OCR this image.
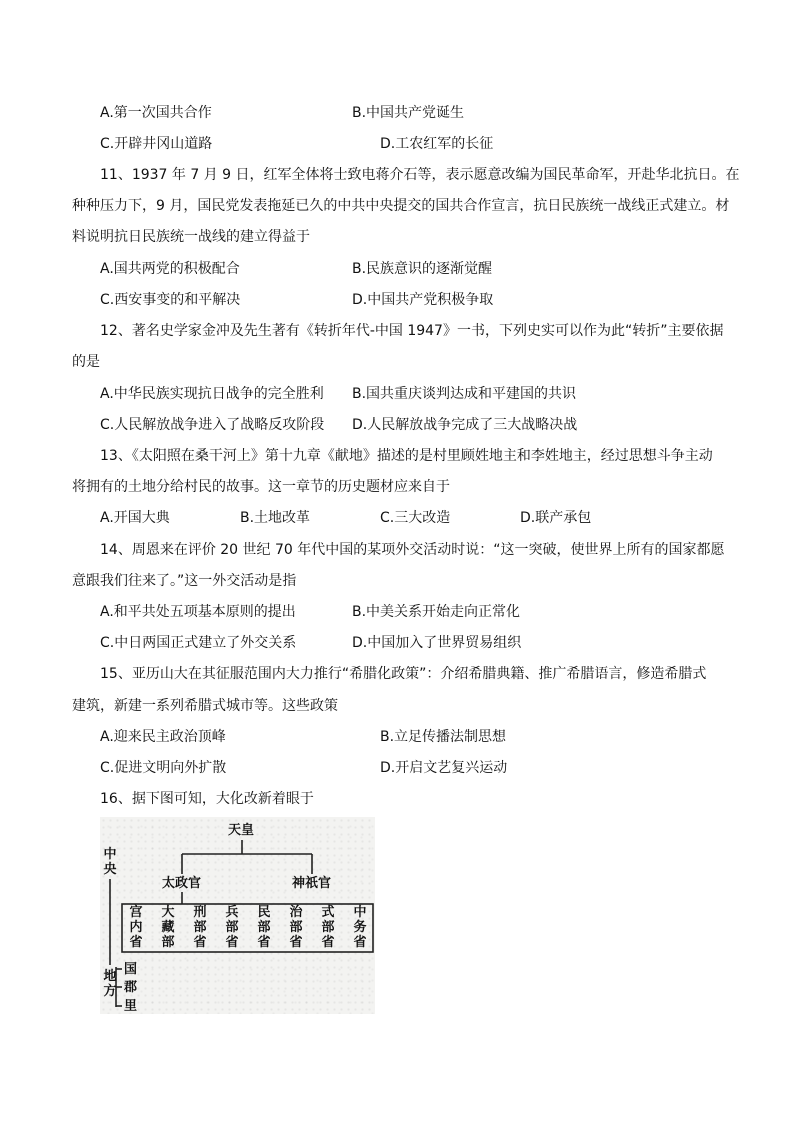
A.第一次国共合作	B.中国共产党诞生
C.开辟井冈山道路	D.工农红军的长征
11、1937 年 7 月 9 日，红军全体将士致电蒋介石等，表示愿意改编为国民革命军，开赴华北抗日。在
种种压力下，9 月，国民党发表拖延已久的中共中央提交的国共合作宣言，抗日民族统一战线正式建立。材
料说明抗日民族统一战线的建立得益于
A.国共两党的积极配合	B.民族意识的逐渐觉醒
C.西安事变的和平解决	D.中国共产党积极争取
12、著名史学家金冲及先生著有《转折年代-中国 1947》一书，下列史实可以作为此“转折”主要依据
的是
A.中华民族实现抗日战争的完全胜利 B.国共重庆谈判达成和平建国的共识
C.人民解放战争进入了战略反攻阶段 D.人民解放战争完成了三大战略决战
13、《太阳照在桑干河上》第十九章《献地》描述的是村里顾姓地主和李姓地主，经过思想斗争主动
将拥有的土地分给村民的故事。这一章节的历史题材应来自于
A.开国大典	B.土地改革	C.三大改造	D.联产承包
14、周恩来在评价 20 世纪 70 年代中国的某项外交活动时说：“这一突破，使世界上所有的国家都愿
意跟我们往来了。”这一外交活动是指
A.和平共处五项基本原则的提出	B.中美关系开始走向正常化
C.中日两国正式建立了外交关系	D.中国加入了世界贸易组织
15、亚历山大在其征服范围内大力推行“希腊化政策”：介绍希腊典籍、推广希腊语言，修造希腊式
建筑，新建一系列希腊式城市等。这些政策
A.迎来民主政治顶峰	B.立足传播法制思想
C.促进文明向外扩散	D.开启文艺复兴运动
16、据下图可知，大化改新着眼于
天皇
中央
太政官	神祇官
宫内省
大藏部
刑部省
兵部省
民部省
治部省
式部省
中务省
地方
国
郡
里
